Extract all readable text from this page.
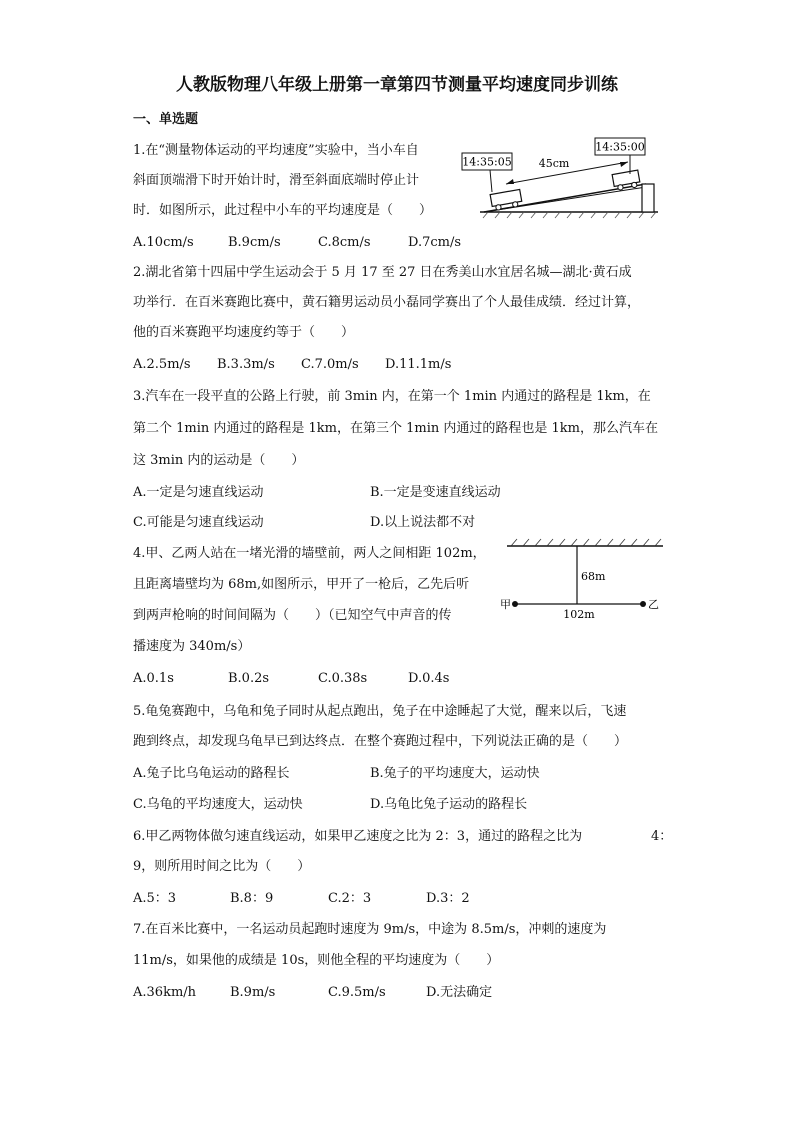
人教版物理八年级上册第一章第四节测量平均速度同步训练
一、单选题
1.在“测量物体运动的平均速度”实验中，当小车自
斜面顶端滑下时开始计时，滑至斜面底端时停止计
时．如图所示，此过程中小车的平均速度是（　　）
A.10cm/s	B.9cm/s	C.8cm/s	D.7cm/s
14:35:00
14:35:05 45cm
2.湖北省第十四届中学生运动会于 5 月 17 至 27 日在秀美山水宜居名城—湖北·黄石成
功举行．在百米赛跑比赛中，黄石籍男运动员小磊同学赛出了个人最佳成绩．经过计算，
他的百米赛跑平均速度约等于（　　）
A.2.5m/s B.3.3m/s C.7.0m/s D.11.1m/s
3.汽车在一段平直的公路上行驶，前 3min 内，在第一个 1min 内通过的路程是 1km，在
第二个 1min 内通过的路程是 1km，在第三个 1min 内通过的路程也是 1km，那么汽车在
这 3min 内的运动是（　　）
A.一定是匀速直线运动	B.一定是变速直线运动
C.可能是匀速直线运动	D.以上说法都不对
4.甲、乙两人站在一堵光滑的墙壁前，两人之间相距 102m，
且距离墙壁均为 68m,如图所示，甲开了一枪后，乙先后听
到两声枪响的时间间隔为（　　）（已知空气中声音的传
播速度为 340m/s）
A.0.1s	B.0.2s	C.0.38s	D.0.4s
68m
甲	乙
102m
5.龟兔赛跑中，乌龟和兔子同时从起点跑出，兔子在中途睡起了大觉，醒来以后，飞速
跑到终点，却发现乌龟早已到达终点．在整个赛跑过程中，下列说法正确的是（　　）
A.兔子比乌龟运动的路程长	B.兔子的平均速度大，运动快
C.乌龟的平均速度大，运动快	D.乌龟比兔子运动的路程长
6.甲乙两物体做匀速直线运动，如果甲乙速度之比为 2：3，通过的路程之比为	4：
9，则所用时间之比为（　　）
A.5：3	B.8：9	C.2：3	D.3：2
7.在百米比赛中，一名运动员起跑时速度为 9m/s，中途为 8.5m/s，冲刺的速度为
11m/s，如果他的成绩是 10s，则他全程的平均速度为（　　）
A.36km/h	B.9m/s	C.9.5m/s	D.无法确定
